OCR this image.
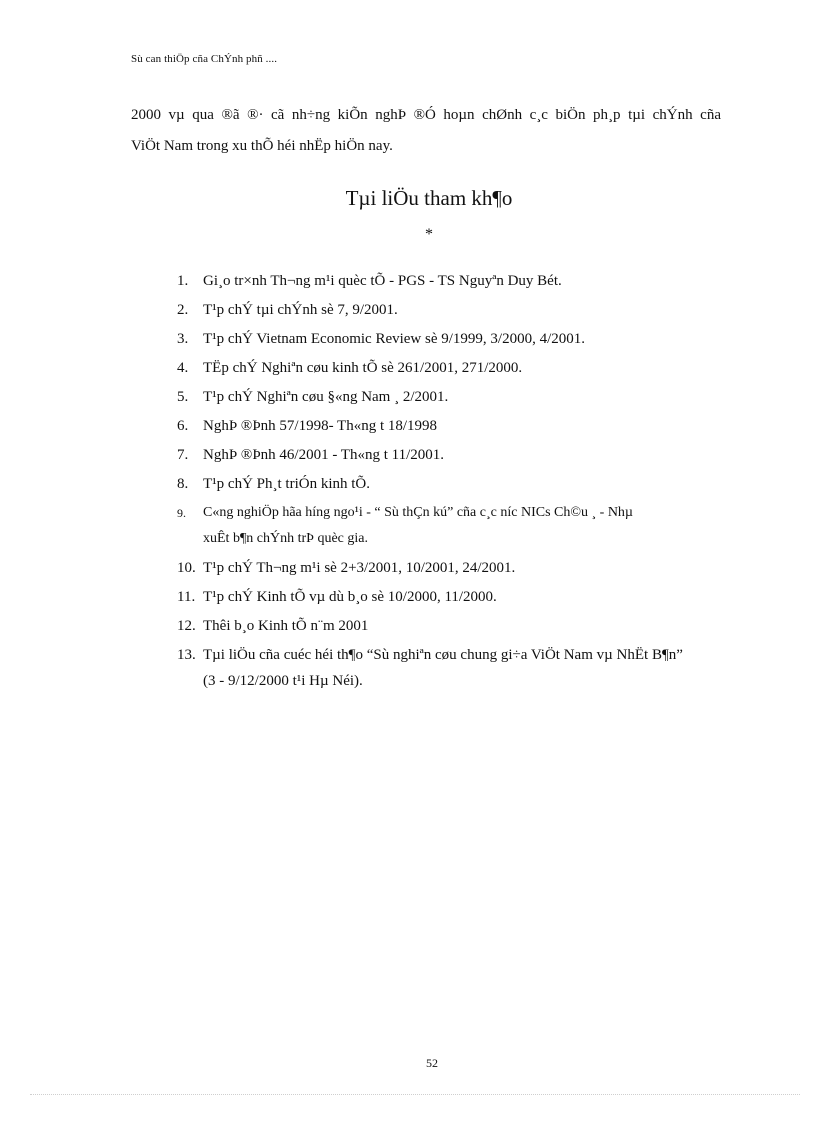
Sù can thiÖp cña ChÝnh phñ ....
2000 vµ qua ®ã ®· cã nh÷ng kiÕn nghÞ ®Ó hoµn chØnh c¸c biÖn ph¸p tµi chÝnh cña
ViÖt Nam trong xu thÕ héi nhËp hiÖn nay.
Tµi liÖu tham kh¶o
*
1. Gi¸o tr×nh Th¬ng m¹i quèc tÕ - PGS - TS Nguyªn Duy Bét.
2. T¹p chÝ tµi chÝnh sè 7, 9/2001.
3. T¹p chÝ Vietnam Economic Review sè 9/1999, 3/2000, 4/2001.
4. TËp chÝ Nghiªn cøu kinh tÕ sè 261/2001, 271/2000.
5. T¹p chÝ Nghiªn cøu §«ng Nam ¸ 2/2001.
6. NghÞ ®Þnh 57/1998- Th«ng t 18/1998
7. NghÞ ®Þnh 46/2001 - Th«ng t 11/2001.
8. T¹p chÝ Ph¸t triÓn kinh tÕ.
9. C«ng nghiÖp hãa híng ngo¹i - “ Sù thÇn kú” cña c¸c níc NICs Ch©u ¸ - Nhµ
xuÊt b¶n chÝnh trÞ quèc gia.
10. T¹p chÝ Th¬ng m¹i sè 2+3/2001, 10/2001, 24/2001.
11. T¹p chÝ Kinh tÕ vµ dù b¸o sè 10/2000, 11/2000.
12. Thêi b¸o Kinh tÕ n¨m 2001
13. Tµi liÖu cña cuéc héi th¶o “Sù nghiªn cøu chung gi÷a ViÖt Nam vµ NhËt B¶n”
(3 - 9/12/2000 t¹i Hµ Néi).
52
